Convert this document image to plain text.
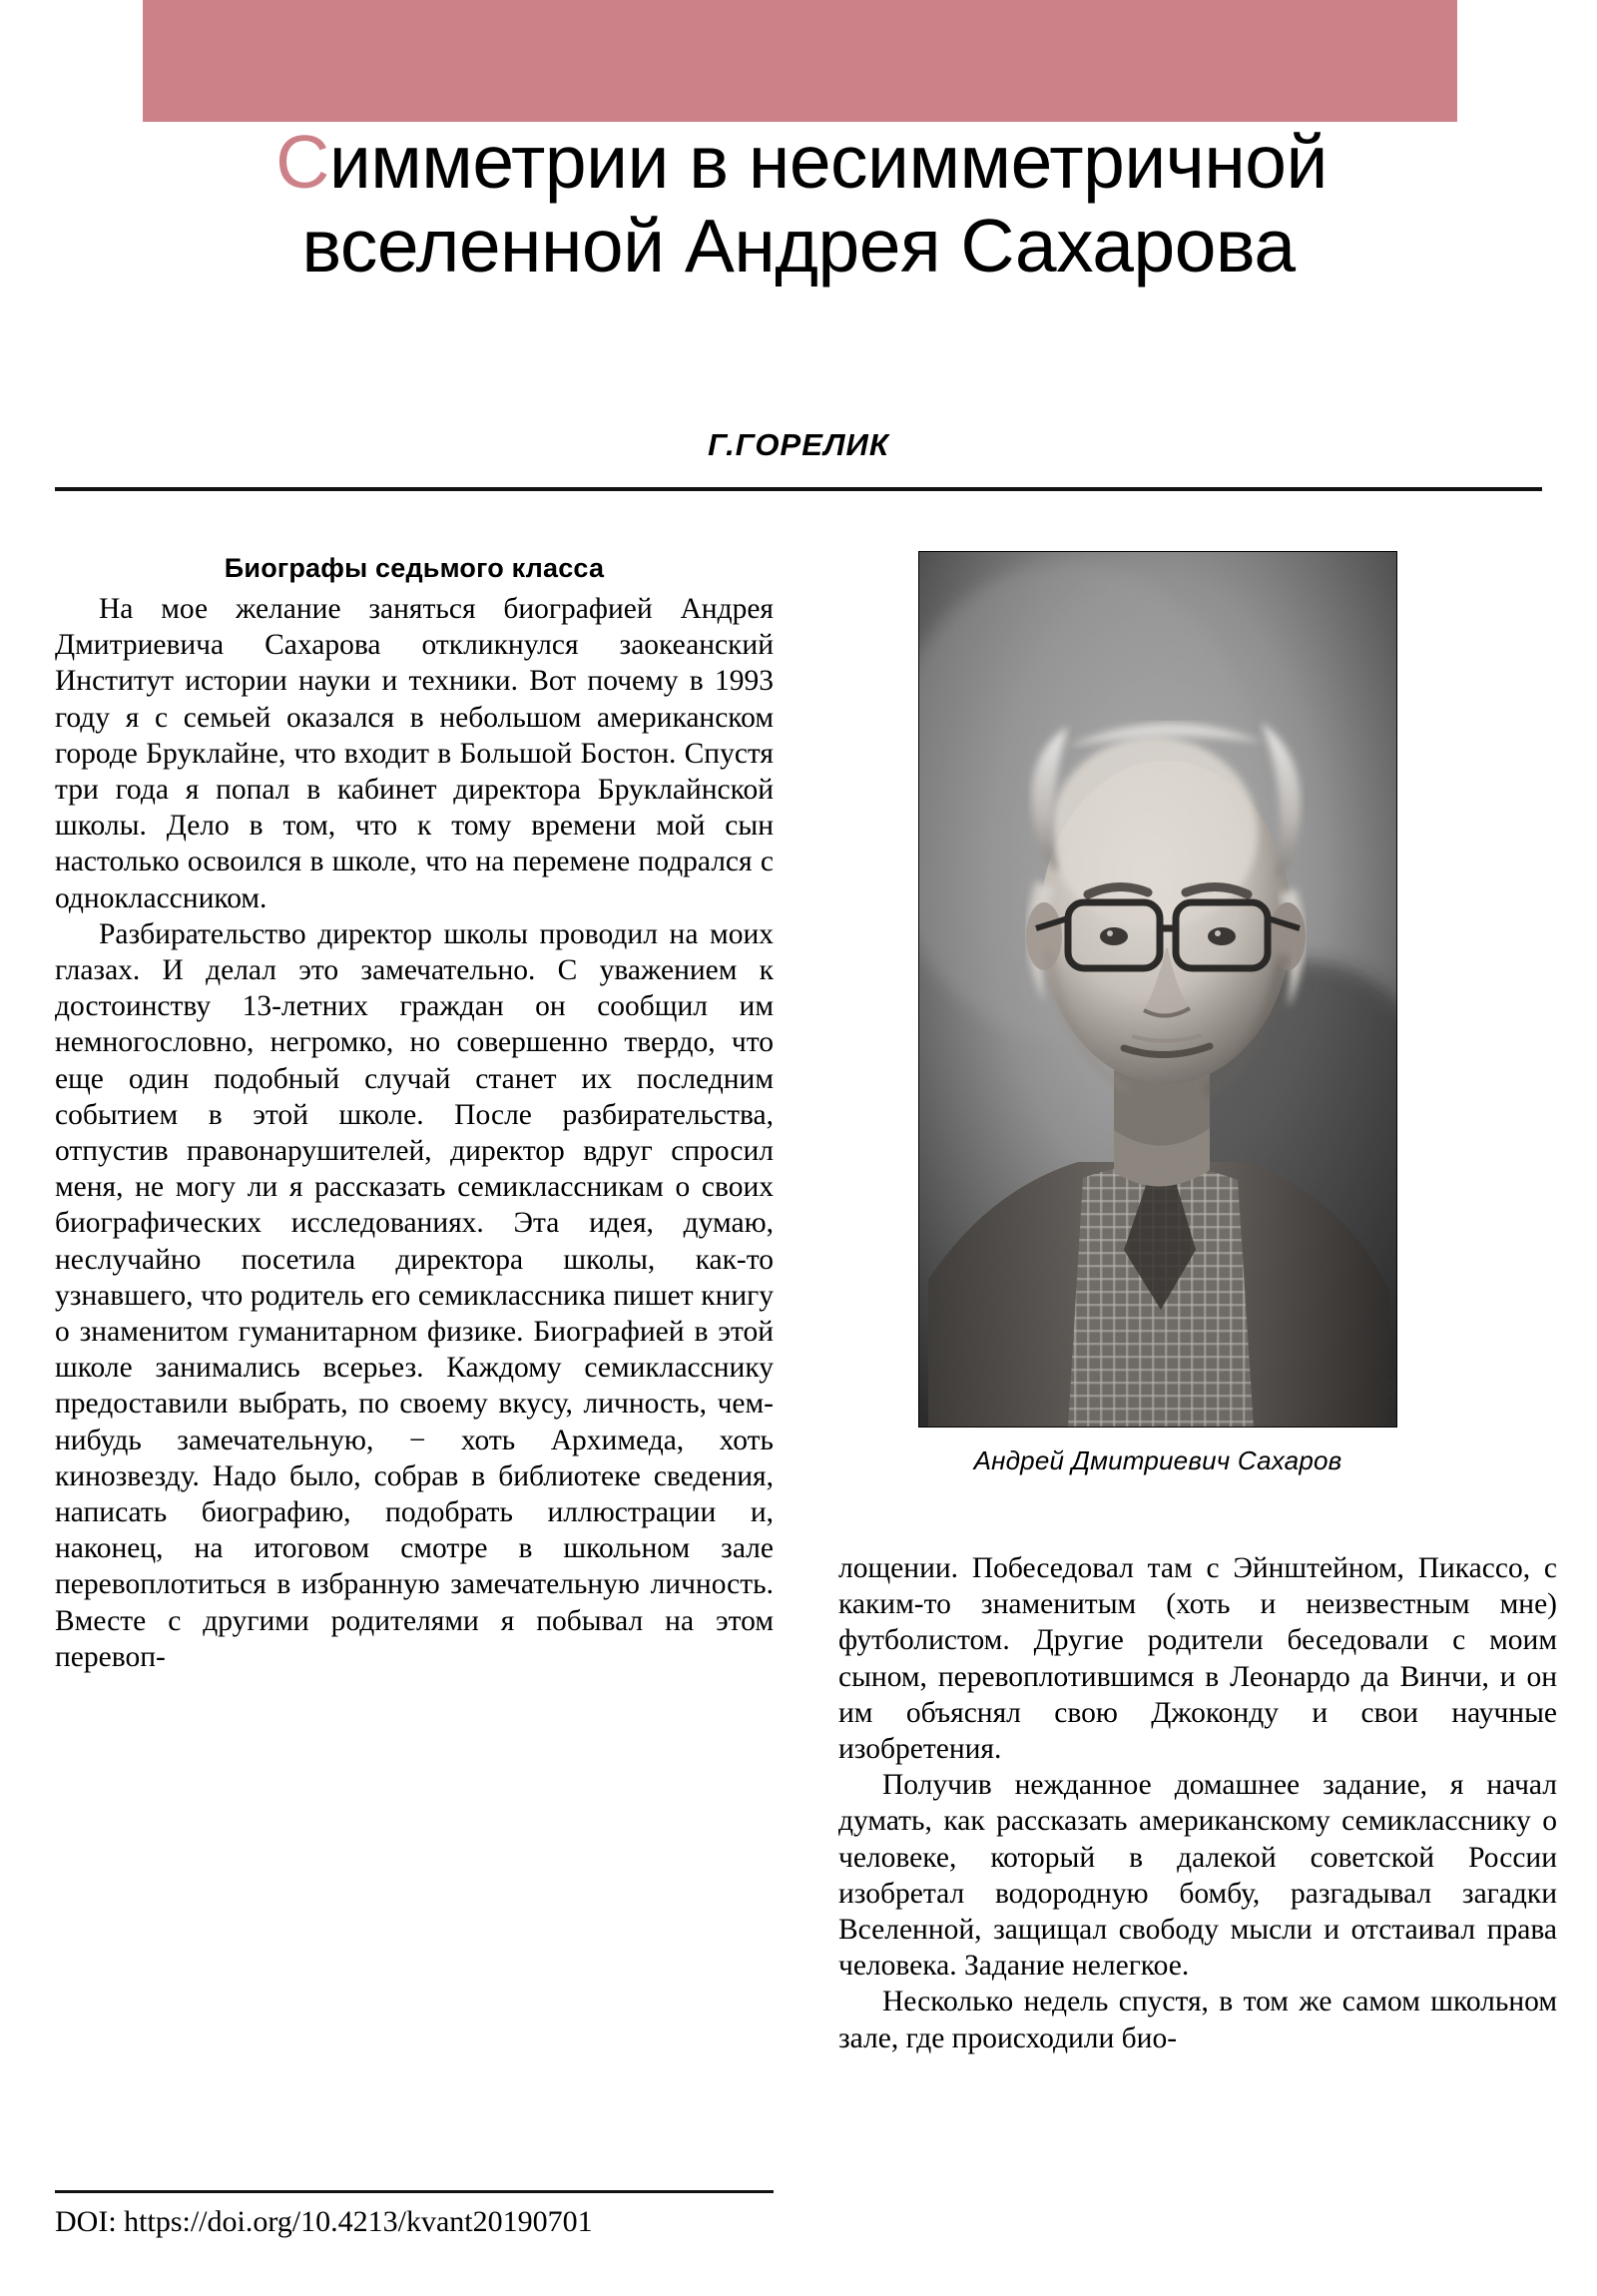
Симметрии в несимметричной
вселенной Андрея Сахарова
Г.ГОРЕЛИК
Биографы седьмого класса

На мое желание заняться биографией Андрея Дмитриевича Сахарова откликнулся заокеанский Институт истории науки и техники. Вот почему в 1993 году я с семьей оказался в небольшом американском городе Бруклайне, что входит в Большой Бостон. Спустя три года я попал в кабинет директора Бруклайнской школы. Дело в том, что к тому времени мой сын настолько освоился в школе, что на перемене подрался с одноклассником.

Разбирательство директор школы проводил на моих глазах. И делал это замечательно. С уважением к достоинству 13-летних граждан он сообщил им немногословно, негромко, но совершенно твердо, что еще один подобный случай станет их последним событием в этой школе. После разбирательства, отпустив правонарушителей, директор вдруг спросил меня, не могу ли я рассказать семиклассникам о своих биографических исследованиях. Эта идея, думаю, неслучайно посетила директора школы, как-то узнавшего, что родитель его семиклассника пишет книгу о знаменитом гуманитарном физике. Биографией в этой школе занимались всерьез. Каждому семикласснику предоставили выбрать, по своему вкусу, личность, чем-нибудь замечательную, − хоть Архимеда, хоть кинозвезду. Надо было, собрав в библиотеке сведения, написать биографию, подобрать иллюстрации и, наконец, на итоговом смотре в школьном зале перевоплотиться в избранную замечательную личность. Вместе с другими родителями я побывал на этом перевоп-

Андрей Дмитриевич Сахаров

лощении. Побеседовал там с Эйнштейном, Пикассо, с каким-то знаменитым (хоть и неизвестным мне) футболистом. Другие родители беседовали с моим сыном, перевоплотившимся в Леонардо да Винчи, и он им объяснял свою Джоконду и свои научные изобретения.

Получив нежданное домашнее задание, я начал думать, как рассказать американскому семикласснику о человеке, который в далекой советской России изобретал водородную бомбу, разгадывал загадки Вселенной, защищал свободу мысли и отстаивал права человека. Задание нелегкое.

Несколько недель спустя, в том же самом школьном зале, где происходили био-

DOI: https://doi.org/10.4213/kvant20190701
